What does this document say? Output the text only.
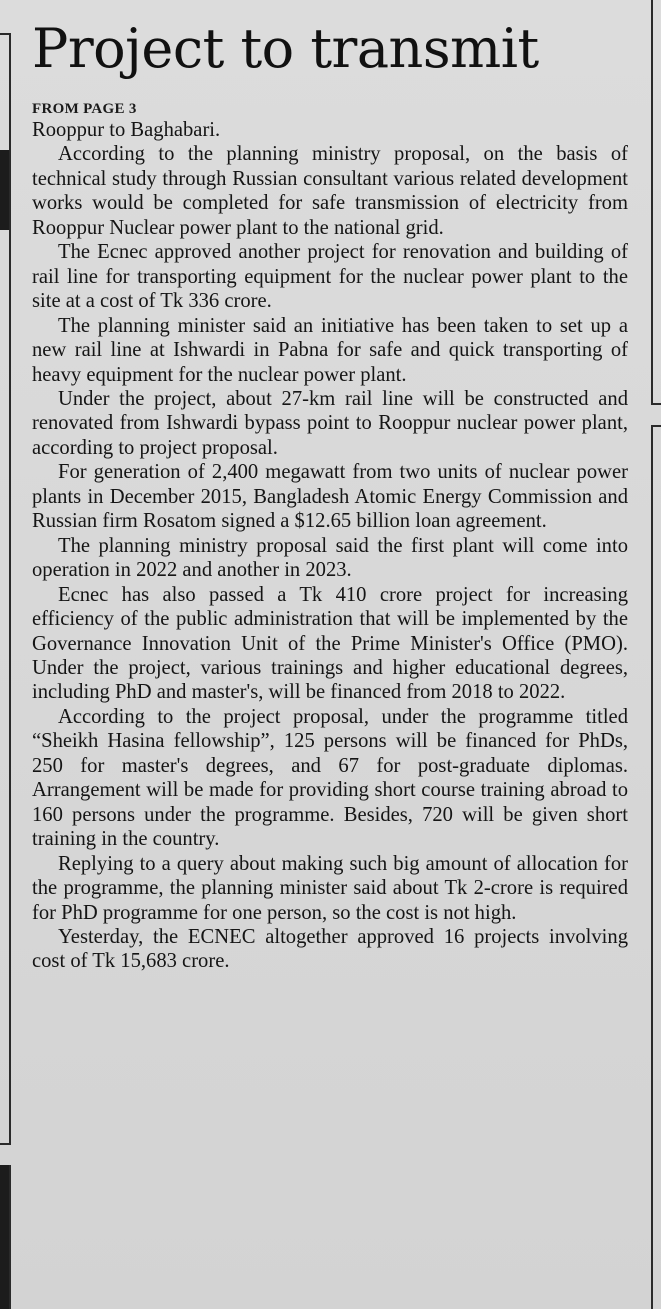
Project to transmit
FROM PAGE 3

Rooppur to Baghabari.

According to the planning ministry proposal, on the basis of technical study through Russian consultant various related development works would be completed for safe transmission of electricity from Rooppur Nuclear power plant to the national grid.

The Ecnec approved another project for renovation and building of rail line for transporting equipment for the nuclear power plant to the site at a cost of Tk 336 crore.

The planning minister said an initiative has been taken to set up a new rail line at Ishwardi in Pabna for safe and quick transporting of heavy equipment for the nuclear power plant.

Under the project, about 27-km rail line will be constructed and renovated from Ishwardi bypass point to Rooppur nuclear power plant, according to project proposal.

For generation of 2,400 megawatt from two units of nuclear power plants in December 2015, Bangladesh Atomic Energy Commission and Russian firm Rosatom signed a $12.65 billion loan agreement.

The planning ministry proposal said the first plant will come into operation in 2022 and another in 2023.

Ecnec has also passed a Tk 410 crore project for increasing efficiency of the public administration that will be implemented by the Governance Innovation Unit of the Prime Minister's Office (PMO). Under the project, various trainings and higher educational degrees, including PhD and master's, will be financed from 2018 to 2022.

According to the project proposal, under the programme titled “Sheikh Hasina fellowship”, 125 persons will be financed for PhDs, 250 for master's degrees, and 67 for post-graduate diplomas. Arrangement will be made for providing short course training abroad to 160 persons under the programme. Besides, 720 will be given short training in the country.

Replying to a query about making such big amount of allocation for the programme, the planning minister said about Tk 2-crore is required for PhD programme for one person, so the cost is not high.

Yesterday, the ECNEC altogether approved 16 projects involving cost of Tk 15,683 crore.
